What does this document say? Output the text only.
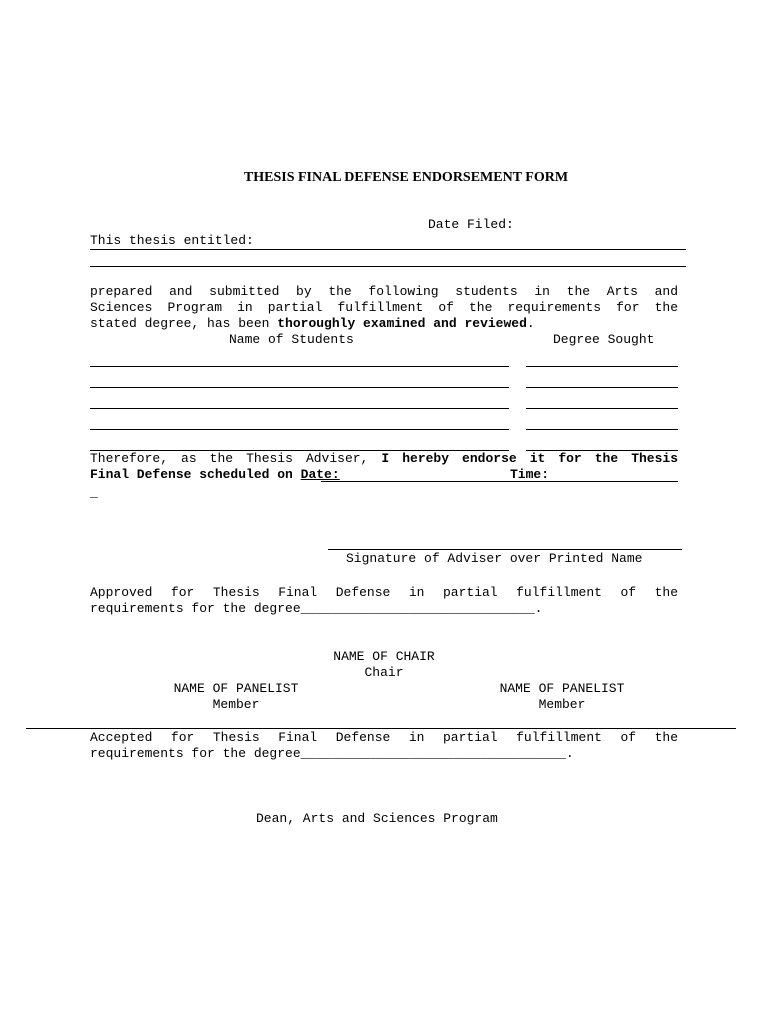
THESIS FINAL DEFENSE ENDORSEMENT FORM
Date Filed:
This thesis entitled:
prepared and submitted by the following students in the Arts and
Sciences Program in partial fulfillment of the requirements for the
stated degree, has been thoroughly examined and reviewed.
Name of Students	Degree Sought
Therefore, as the Thesis Adviser, I hereby endorse it for the Thesis
Final Defense scheduled on Date:	Time:
_
Signature of Adviser over Printed Name
Approved for Thesis Final Defense in partial fulfillment of the
requirements for the degree______________________________.
NAME OF CHAIR
Chair
NAME OF PANELIST
Member
NAME OF PANELIST
Member
Accepted for Thesis Final Defense in partial fulfillment of the
requirements for the degree__________________________________.
Dean, Arts and Sciences Program
